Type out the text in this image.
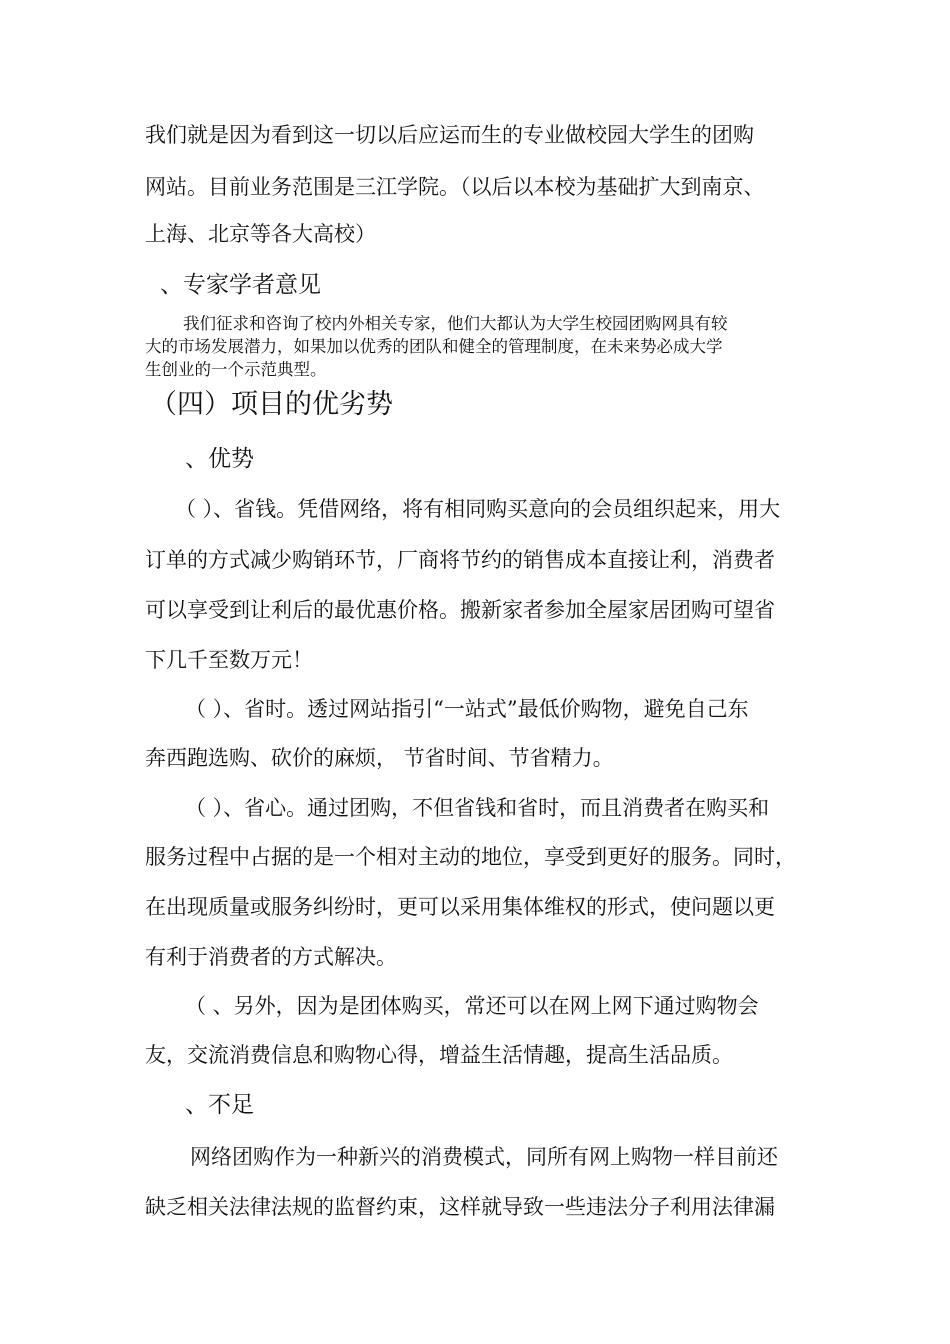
我们就是因为看到这一切以后应运而生的专业做校园大学生的团购

网站。目前业务范围是三江学院。（以后以本校为基础扩大到南京、

上海、北京等各大高校）

、专家学者意见

我们征求和咨询了校内外相关专家，他们大都认为大学生校园团购网具有较

大的市场发展潜力，如果加以优秀的团队和健全的管理制度，在未来势必成大学

生创业的一个示范典型。

（四）项目的优劣势
、优势

（ ）、省钱。凭借网络，将有相同购买意向的会员组织起来，用大

订单的方式减少购销环节，厂商将节约的销售成本直接让利，消费者

可以享受到让利后的最优惠价格。搬新家者参加全屋家居团购可望省

下几千至数万元！

（ ）、省时。透过网站指引“一站式”最低价购物，避免自己东

奔西跑选购、砍价的麻烦， 节省时间、节省精力。

（ ）、省心。通过团购，不但省钱和省时，而且消费者在购买和

服务过程中占据的是一个相对主动的地位，享受到更好的服务。同时，

在出现质量或服务纠纷时，更可以采用集体维权的形式，使问题以更

有利于消费者的方式解决。

（ 、另外，因为是团体购买，常还可以在网上网下通过购物会

友，交流消费信息和购物心得，增益生活情趣，提高生活品质。

、不足

网络团购作为一种新兴的消费模式，同所有网上购物一样目前还

缺乏相关法律法规的监督约束，这样就导致一些违法分子利用法律漏
